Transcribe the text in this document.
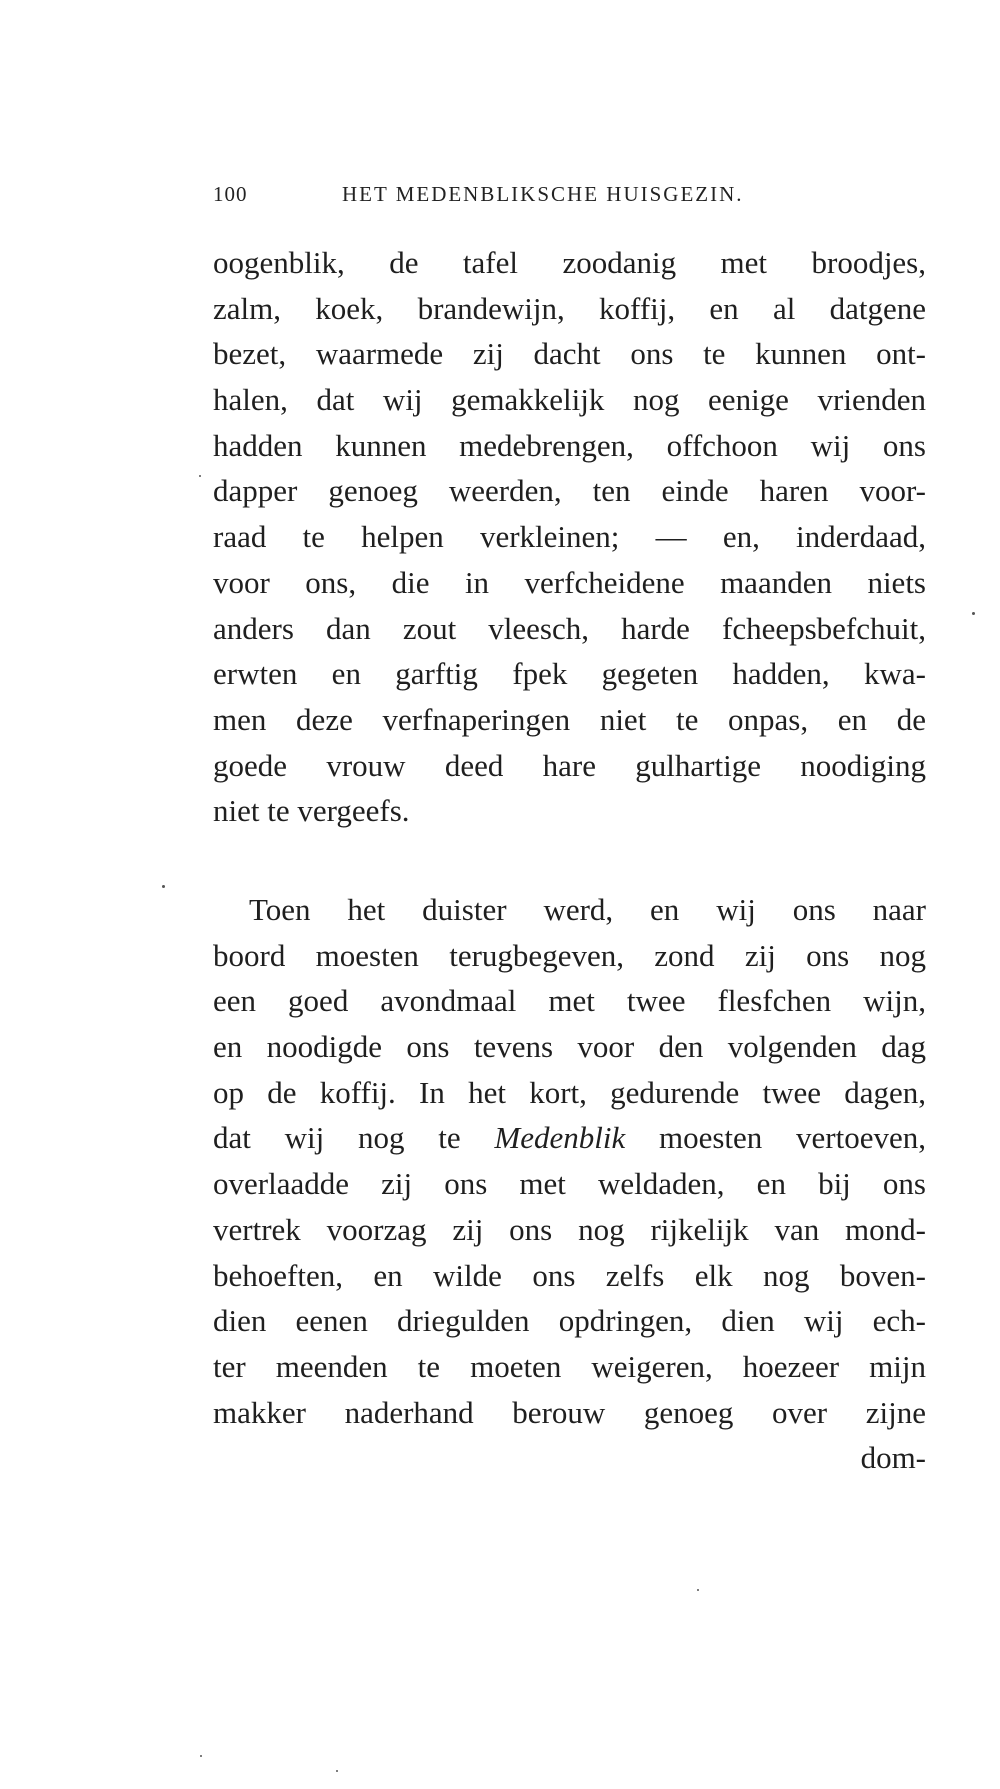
100	HET MEDENBLIKSCHE HUISGEZIN.
oogenblik, de tafel zoodanig met broodjes,
zalm, koek, brandewijn, koffij, en al datgene
bezet, waarmede zij dacht ons te kunnen ont-
halen, dat wij gemakkelijk nog eenige vrienden
hadden kunnen medebrengen, offchoon wij ons
dapper genoeg weerden, ten einde haren voor-
raad te helpen verkleinen; — en, inderdaad,
voor ons, die in verfcheidene maanden niets
anders dan zout vleesch, harde fcheepsbefchuit,
erwten en garftig fpek gegeten hadden, kwa-
men deze verfnaperingen niet te onpas, en de
goede vrouw deed hare gulhartige noodiging
niet te vergeefs.
Toen het duister werd, en wij ons naar
boord moesten terugbegeven, zond zij ons nog
een goed avondmaal met twee flesfchen wijn,
en noodigde ons tevens voor den volgenden dag
op de koffij. In het kort, gedurende twee dagen,
dat wij nog te Medenblik moesten vertoeven,
overlaadde zij ons met weldaden, en bij ons
vertrek voorzag zij ons nog rijkelijk van mond-
behoeften, en wilde ons zelfs elk nog boven-
dien eenen driegulden opdringen, dien wij ech-
ter meenden te moeten weigeren, hoezeer mijn
makker naderhand berouw genoeg over zijne
dom-
